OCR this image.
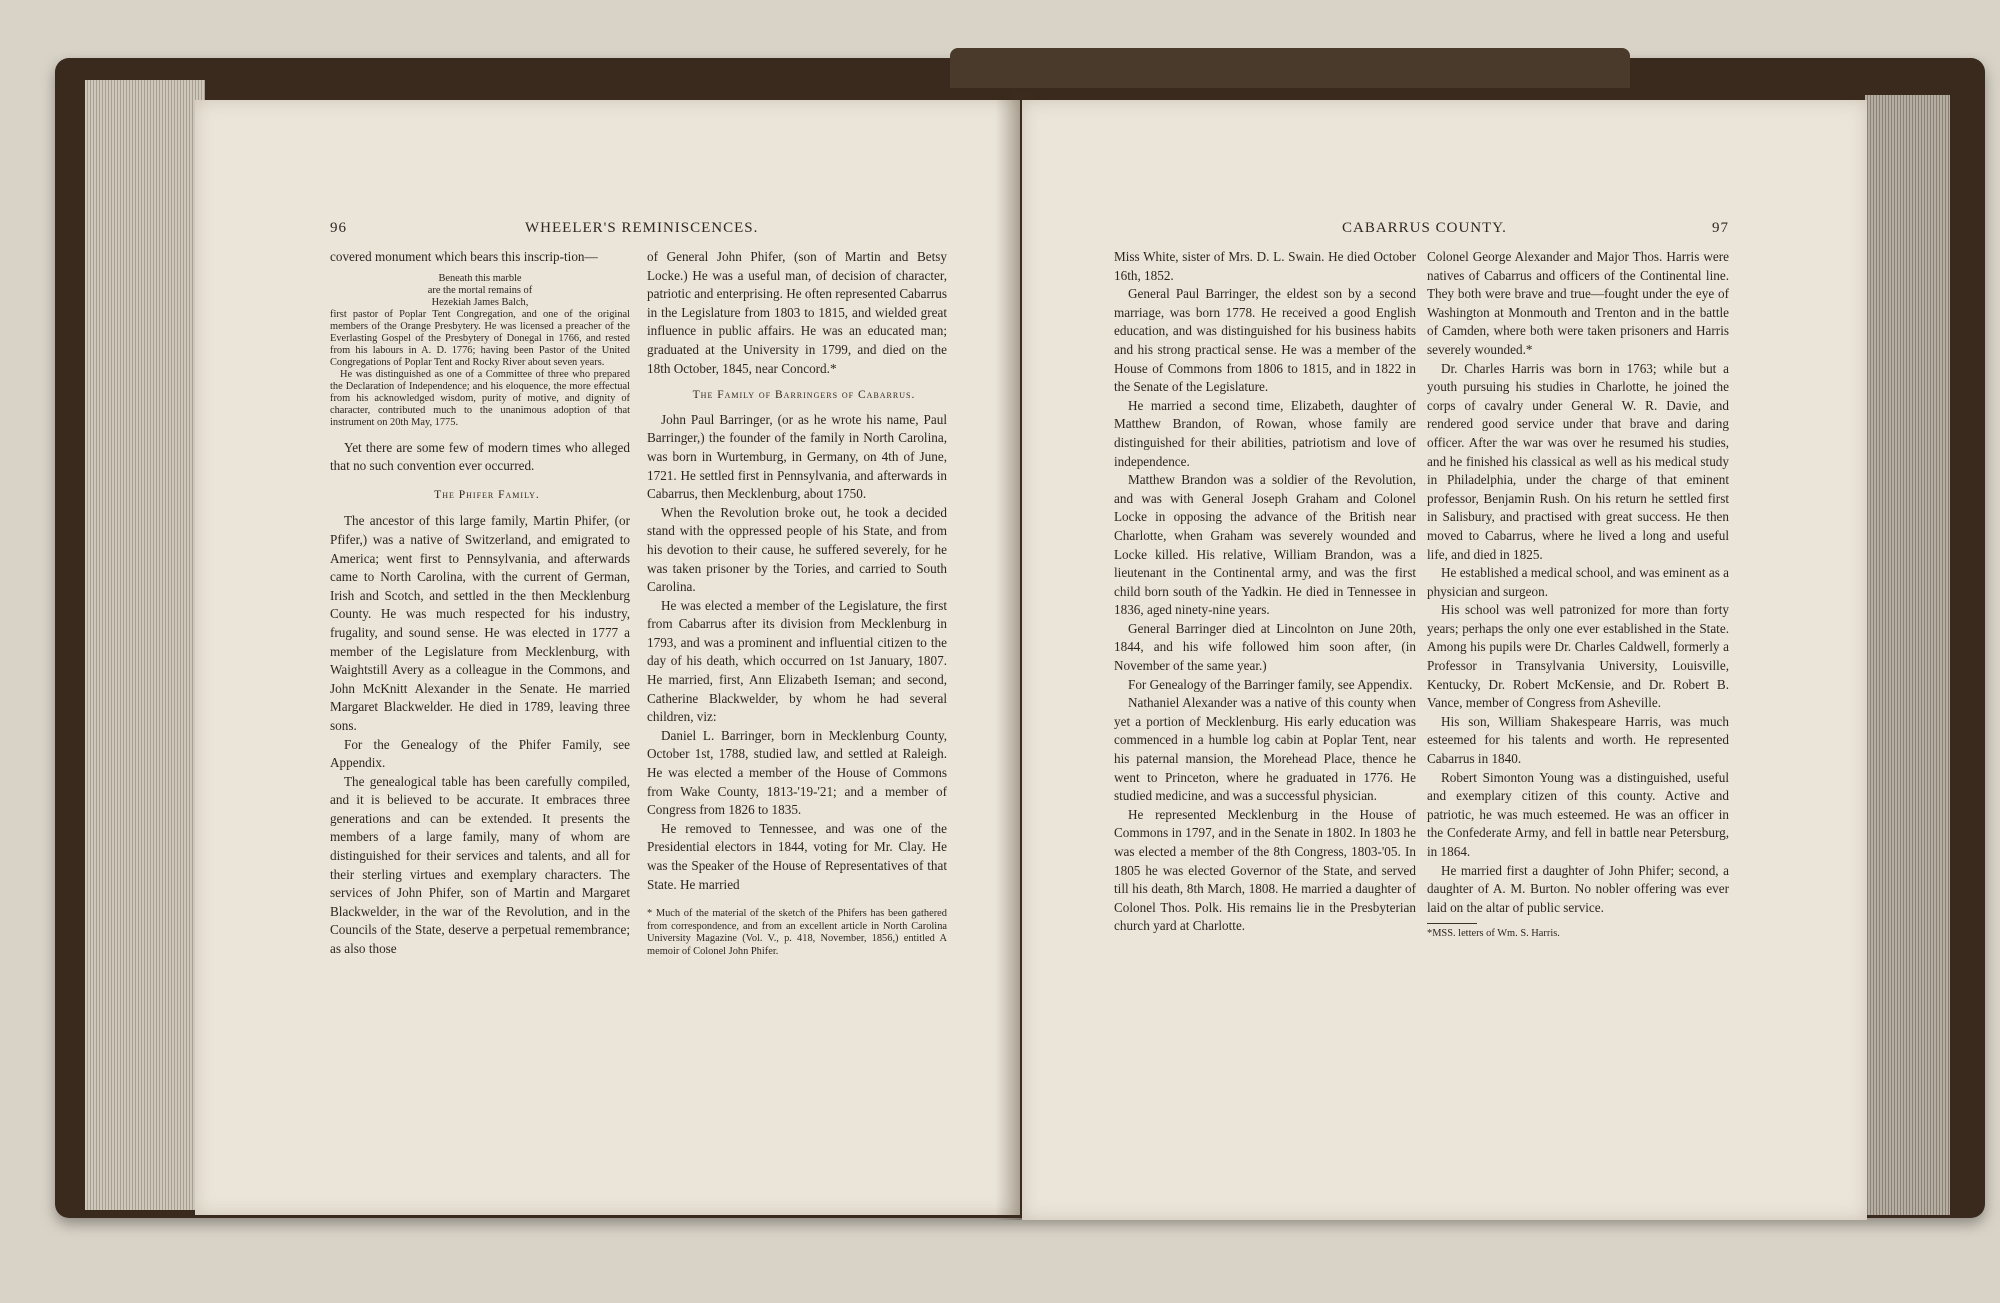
96	WHEELER'S REMINISCENCES.

covered monument which bears this inscrip-tion—

Beneath this marble
are the mortal remains of
Hezekiah James Balch,
first pastor of Poplar Tent Congregation, and one of the original members of the Orange Presbytery. He was licensed a preacher of the Everlasting Gospel of the Presbytery of Donegal in 1766, and rested from his labours in A. D. 1776; having been Pastor of the United Congregations of Poplar Tent and Rocky River about seven years.
He was distinguished as one of a Committee of three who prepared the Declaration of Independence; and his eloquence, the more effectual from his acknowledged wisdom, purity of motive, and dignity of character, contributed much to the unanimous adoption of that instrument on 20th May, 1775.

Yet there are some few of modern times who alleged that no such convention ever occurred.

The Phifer Family.

The ancestor of this large family, Martin Phifer, (or Pfifer,) was a native of Switzerland, and emigrated to America; went first to Pennsylvania, and afterwards came to North Carolina, with the current of German, Irish and Scotch, and settled in the then Mecklenburg County. He was much respected for his industry, frugality, and sound sense. He was elected in 1777 a member of the Legislature from Mecklenburg, with Waightstill Avery as a colleague in the Commons, and John McKnitt Alexander in the Senate. He married Margaret Blackwelder. He died in 1789, leaving three sons.

For the Genealogy of the Phifer Family, see Appendix.

The genealogical table has been carefully compiled, and it is believed to be accurate. It embraces three generations and can be extended. It presents the members of a large family, many of whom are distinguished for their services and talents, and all for their sterling virtues and exemplary characters. The services of John Phifer, son of Martin and Margaret Blackwelder, in the war of the Revolution, and in the Councils of the State, deserve a perpetual remembrance; as also those

of General John Phifer, (son of Martin and Betsy Locke.) He was a useful man, of decision of character, patriotic and enterprising. He often represented Cabarrus in the Legislature from 1803 to 1815, and wielded great influence in public affairs. He was an educated man; graduated at the University in 1799, and died on the 18th October, 1845, near Concord.*

The Family of Barringers of Cabarrus.

John Paul Barringer, (or as he wrote his name, Paul Barringer,) the founder of the family in North Carolina, was born in Wurtemburg, in Germany, on 4th of June, 1721. He settled first in Pennsylvania, and afterwards in Cabarrus, then Mecklenburg, about 1750.

When the Revolution broke out, he took a decided stand with the oppressed people of his State, and from his devotion to their cause, he suffered severely, for he was taken prisoner by the Tories, and carried to South Carolina.

He was elected a member of the Legislature, the first from Cabarrus after its division from Mecklenburg in 1793, and was a prominent and influential citizen to the day of his death, which occurred on 1st January, 1807. He married, first, Ann Elizabeth Iseman; and second, Catherine Blackwelder, by whom he had several children, viz:

Daniel L. Barringer, born in Mecklenburg County, October 1st, 1788, studied law, and settled at Raleigh. He was elected a member of the House of Commons from Wake County, 1813-'19-'21; and a member of Congress from 1826 to 1835.

He removed to Tennessee, and was one of the Presidential electors in 1844, voting for Mr. Clay. He was the Speaker of the House of Representatives of that State. He married

* Much of the material of the sketch of the Phifers has been gathered from correspondence, and from an excellent article in North Carolina University Magazine (Vol. V., p. 418, November, 1856,) entitled A memoir of Colonel John Phifer.
CABARRUS COUNTY.	97

Miss White, sister of Mrs. D. L. Swain. He died October 16th, 1852.

General Paul Barringer, the eldest son by a second marriage, was born 1778. He received a good English education, and was distinguished for his business habits and his strong practical sense. He was a member of the House of Commons from 1806 to 1815, and in 1822 in the Senate of the Legislature.

He married a second time, Elizabeth, daughter of Matthew Brandon, of Rowan, whose family are distinguished for their abilities, patriotism and love of independence.

Matthew Brandon was a soldier of the Revolution, and was with General Joseph Graham and Colonel Locke in opposing the advance of the British near Charlotte, when Graham was severely wounded and Locke killed. His relative, William Brandon, was a lieutenant in the Continental army, and was the first child born south of the Yadkin. He died in Tennessee in 1836, aged ninety-nine years.

General Barringer died at Lincolnton on June 20th, 1844, and his wife followed him soon after, (in November of the same year.)

For Genealogy of the Barringer family, see Appendix.

Nathaniel Alexander was a native of this county when yet a portion of Mecklenburg. His early education was commenced in a humble log cabin at Poplar Tent, near his paternal mansion, the Morehead Place, thence he went to Princeton, where he graduated in 1776. He studied medicine, and was a successful physician.

He represented Mecklenburg in the House of Commons in 1797, and in the Senate in 1802. In 1803 he was elected a member of the 8th Congress, 1803-'05. In 1805 he was elected Governor of the State, and served till his death, 8th March, 1808. He married a daughter of Colonel Thos. Polk. His remains lie in the Presbyterian church yard at Charlotte.

Colonel George Alexander and Major Thos. Harris were natives of Cabarrus and officers of the Continental line. They both were brave and true—fought under the eye of Washington at Monmouth and Trenton and in the battle of Camden, where both were taken prisoners and Harris severely wounded.*

Dr. Charles Harris was born in 1763; while but a youth pursuing his studies in Charlotte, he joined the corps of cavalry under General W. R. Davie, and rendered good service under that brave and daring officer. After the war was over he resumed his studies, and he finished his classical as well as his medical study in Philadelphia, under the charge of that eminent professor, Benjamin Rush. On his return he settled first in Salisbury, and practised with great success. He then moved to Cabarrus, where he lived a long and useful life, and died in 1825.

He established a medical school, and was eminent as a physician and surgeon.

His school was well patronized for more than forty years; perhaps the only one ever established in the State. Among his pupils were Dr. Charles Caldwell, formerly a Professor in Transylvania University, Louisville, Kentucky, Dr. Robert McKensie, and Dr. Robert B. Vance, member of Congress from Asheville.

His son, William Shakespeare Harris, was much esteemed for his talents and worth. He represented Cabarrus in 1840.

Robert Simonton Young was a distinguished, useful and exemplary citizen of this county. Active and patriotic, he was much esteemed. He was an officer in the Confederate Army, and fell in battle near Petersburg, in 1864.

He married first a daughter of John Phifer; second, a daughter of A. M. Burton. No nobler offering was ever laid on the altar of public service.

*MSS. letters of Wm. S. Harris.
